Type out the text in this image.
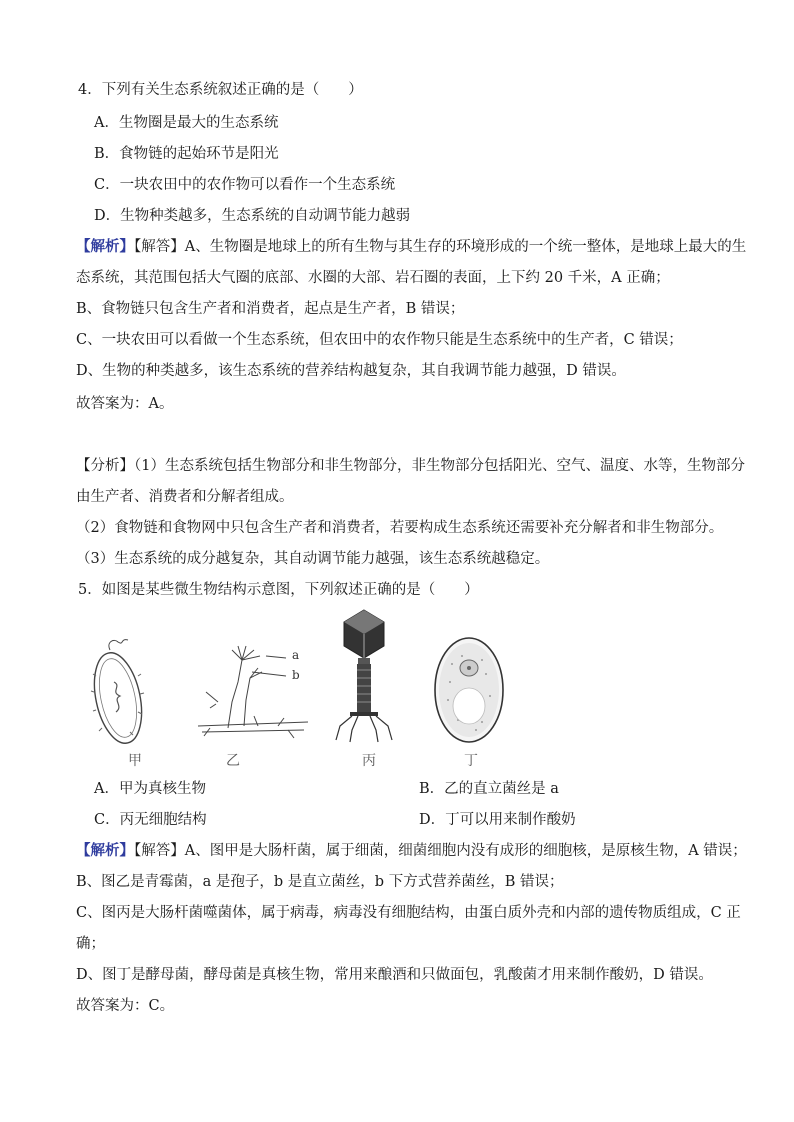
4．下列有关生态系统叙述正确的是（　　）
A．生物圈是最大的生态系统
B．食物链的起始环节是阳光
C．一块农田中的农作物可以看作一个生态系统
D．生物种类越多，生态系统的自动调节能力越弱
【解析】【解答】A、生物圈是地球上的所有生物与其生存的环境形成的一个统一整体，是地球上最大的生
态系统，其范围包括大气圈的底部、水圈的大部、岩石圈的表面，上下约 20 千米，A 正确；
B、食物链只包含生产者和消费者，起点是生产者，B 错误；
C、一块农田可以看做一个生态系统，但农田中的农作物只能是生态系统中的生产者，C 错误；
D、生物的种类越多，该生态系统的营养结构越复杂，其自我调节能力越强，D 错误。
故答案为：A。
【分析】（1）生态系统包括生物部分和非生物部分，非生物部分包括阳光、空气、温度、水等，生物部分
由生产者、消费者和分解者组成。
（2）食物链和食物网中只包含生产者和消费者，若要构成生态系统还需要补充分解者和非生物部分。
（3）生态系统的成分越复杂，其自动调节能力越强，该生态系统越稳定。
5．如图是某些微生物结构示意图，下列叙述正确的是（　　）
甲
a
b
乙	丙	丁
A．甲为真核生物	B．乙的直立菌丝是 a
C．丙无细胞结构	D．丁可以用来制作酸奶
【解析】【解答】A、图甲是大肠杆菌，属于细菌，细菌细胞内没有成形的细胞核，是原核生物，A 错误；
B、图乙是青霉菌，a 是孢子，b 是直立菌丝，b 下方式营养菌丝，B 错误；
C、图丙是大肠杆菌噬菌体，属于病毒，病毒没有细胞结构，由蛋白质外壳和内部的遗传物质组成，C 正
确；
D、图丁是酵母菌，酵母菌是真核生物，常用来酿酒和只做面包，乳酸菌才用来制作酸奶，D 错误。
故答案为：C。
